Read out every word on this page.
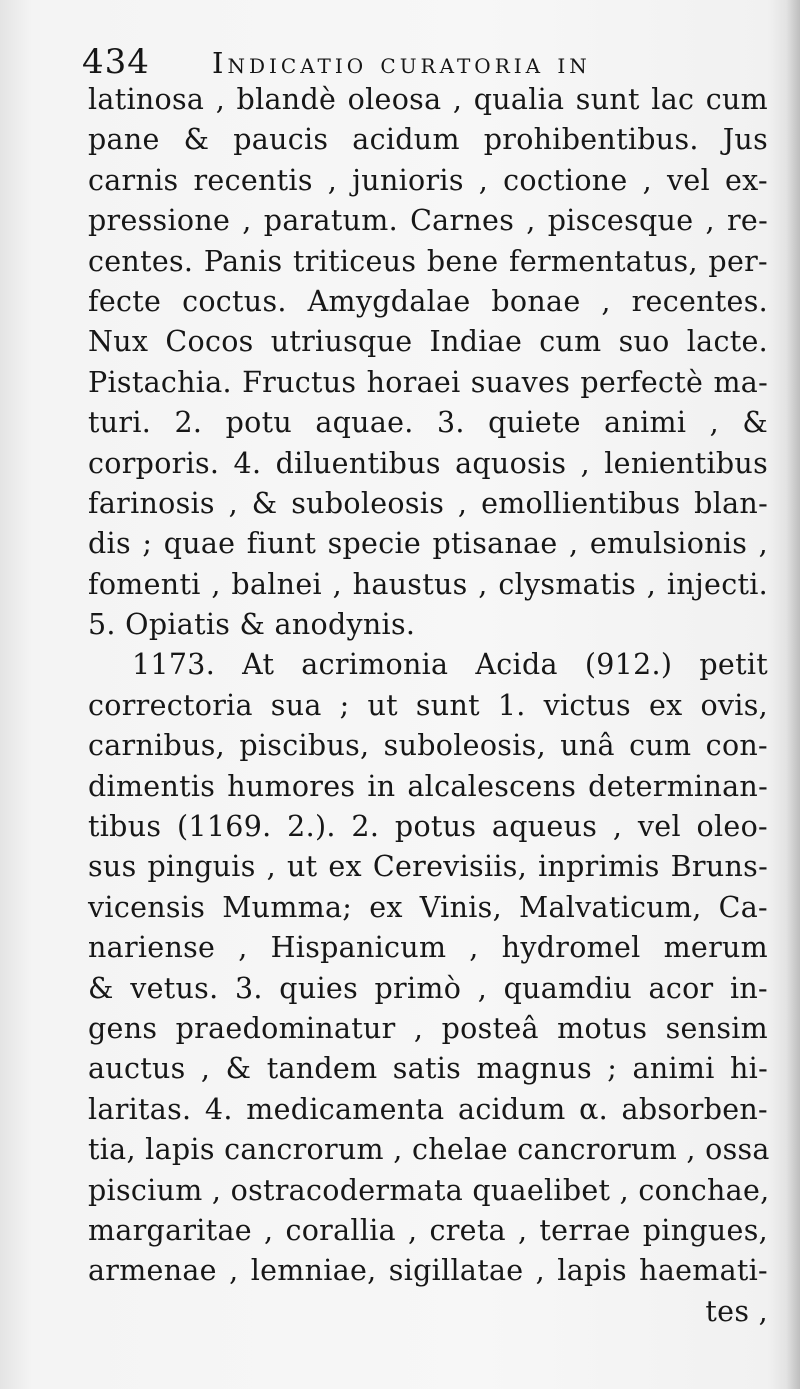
434 Indicatio curatoria in
latinosa , blandè oleosa , qualia sunt lac cum
pane & paucis acidum prohibentibus. Jus
carnis recentis , junioris , coctione , vel ex-
pressione , paratum. Carnes , piscesque , re-
centes. Panis triticeus bene fermentatus, per-
fecte coctus. Amygdalae bonae , recentes.
Nux Cocos utriusque Indiae cum suo lacte.
Pistachia. Fructus horaei suaves perfectè ma-
turi. 2. potu aquae. 3. quiete animi , &
corporis. 4. diluentibus aquosis , lenientibus
farinosis , & suboleosis , emollientibus blan-
dis ; quae fiunt specie ptisanae , emulsionis ,
fomenti , balnei , haustus , clysmatis , injecti.
5. Opiatis & anodynis.
1173. At acrimonia Acida (912.) petit
correctoria sua ; ut sunt 1. victus ex ovis,
carnibus, piscibus, suboleosis, unâ cum con-
dimentis humores in alcalescens determinan-
tibus (1169. 2.). 2. potus aqueus , vel oleo-
sus pinguis , ut ex Cerevisiis, inprimis Bruns-
vicensis Mumma; ex Vinis, Malvaticum, Ca-
nariense , Hispanicum , hydromel merum
& vetus. 3. quies primò , quamdiu acor in-
gens praedominatur , posteâ motus sensim
auctus , & tandem satis magnus ; animi hi-
laritas. 4. medicamenta acidum α. absorben-
tia, lapis cancrorum , chelae cancrorum , ossa
piscium , ostracodermata quaelibet , conchae,
margaritae , corallia , creta , terrae pingues,
armenae , lemniae, sigillatae , lapis haemati-
tes ,
